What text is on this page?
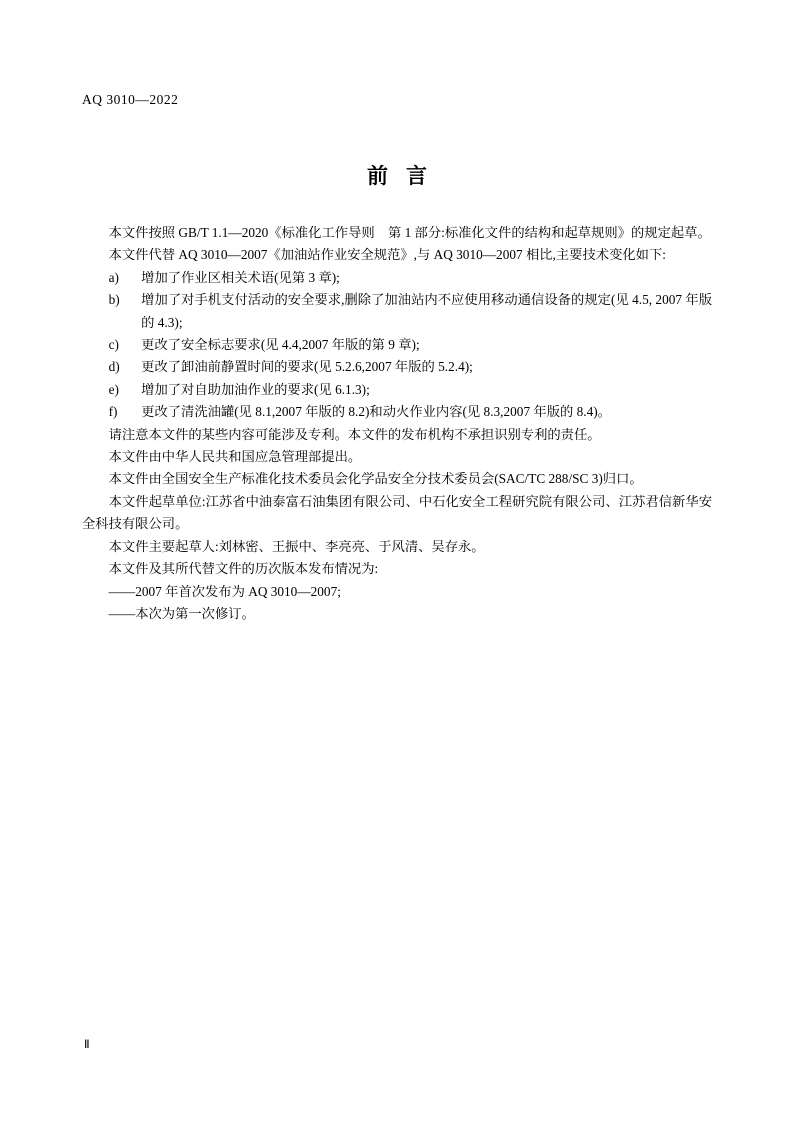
AQ 3010—2022
前言

本文件按照 GB/T 1.1—2020《标准化工作导则　第 1 部分:标准化文件的结构和起草规则》的规定起草。

本文件代替 AQ 3010—2007《加油站作业安全规范》,与 AQ 3010—2007 相比,主要技术变化如下:

a)	增加了作业区相关术语(见第 3 章);
b)	增加了对手机支付活动的安全要求,删除了加油站内不应使用移动通信设备的规定(见 4.5, 2007 年版的 4.3);
c)	更改了安全标志要求(见 4.4,2007 年版的第 9 章);
d)	更改了卸油前静置时间的要求(见 5.2.6,2007 年版的 5.2.4);
e)	增加了对自助加油作业的要求(见 6.1.3);
f)	更改了清洗油罐(见 8.1,2007 年版的 8.2)和动火作业内容(见 8.3,2007 年版的 8.4)。

请注意本文件的某些内容可能涉及专利。本文件的发布机构不承担识别专利的责任。

本文件由中华人民共和国应急管理部提出。

本文件由全国安全生产标准化技术委员会化学品安全分技术委员会(SAC/TC 288/SC 3)归口。

本文件起草单位:江苏省中油泰富石油集团有限公司、中石化安全工程研究院有限公司、江苏君信新华安全科技有限公司。

本文件主要起草人:刘林密、王振中、李亮亮、于风清、吴存永。

本文件及其所代替文件的历次版本发布情况为:

——2007 年首次发布为 AQ 3010—2007;

——本次为第一次修订。

Ⅱ
